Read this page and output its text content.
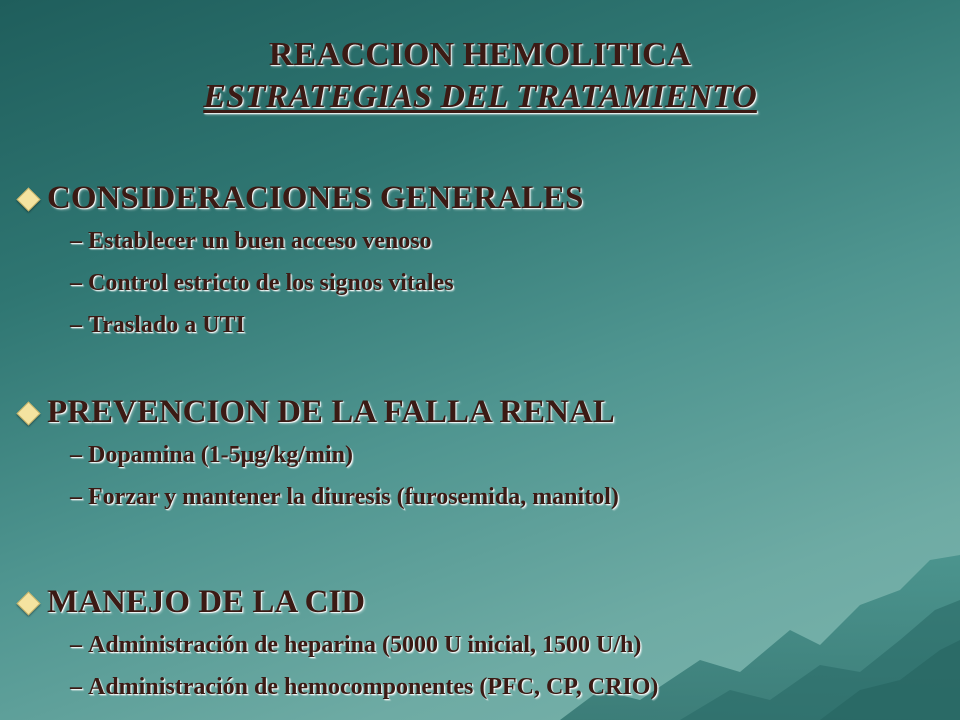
REACCION HEMOLITICA
ESTRATEGIAS DEL TRATAMIENTO
CONSIDERACIONES GENERALES
– Establecer un buen acceso venoso
– Control estricto de los signos vitales
– Traslado a UTI
PREVENCION DE LA FALLA RENAL
– Dopamina (1-5μg/kg/min)
– Forzar y mantener la diuresis (furosemida, manitol)
MANEJO DE LA CID
– Administración de heparina (5000 U inicial, 1500 U/h)
– Administración de hemocomponentes (PFC, CP, CRIO)
